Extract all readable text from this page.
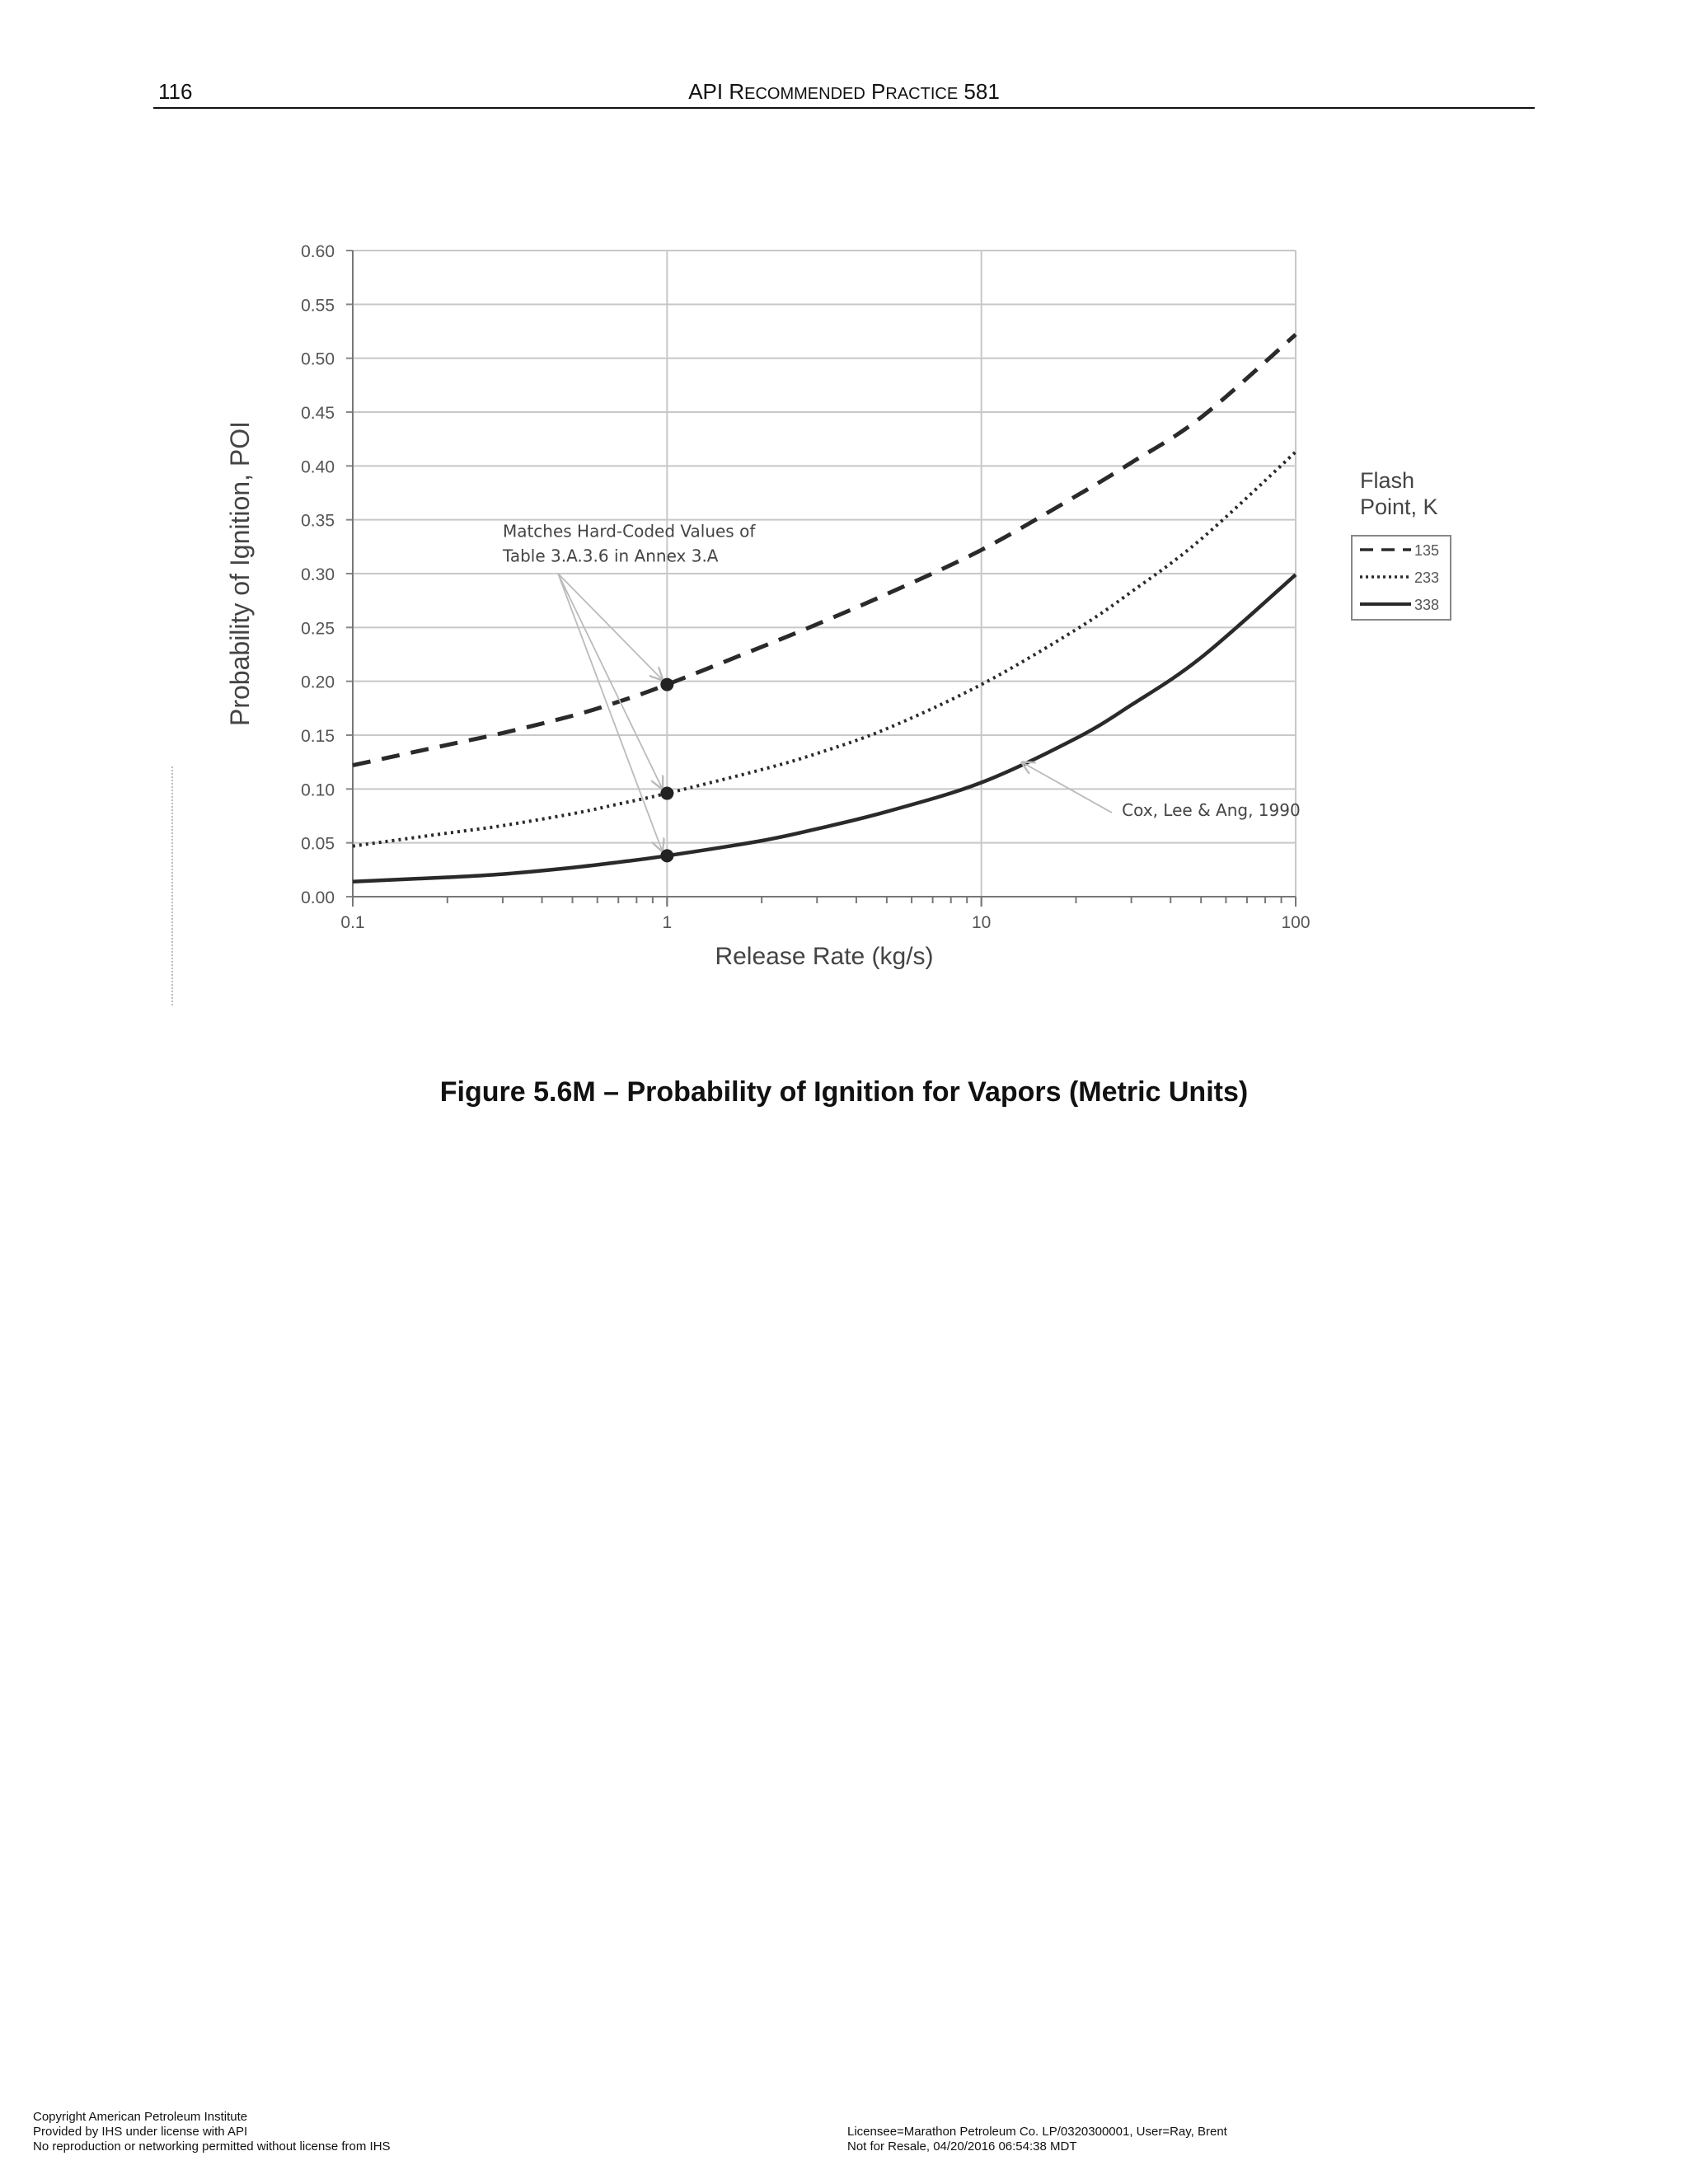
116	API RECOMMENDED PRACTICE 581
0.00
0.05
0.10
0.15
0.20
0.25
0.30
0.35
0.40
0.45
0.50
0.55
0.60
0.1	1	10	100
Release Rate (kg/s)
Probability of Ignition, POI	Matches Hard-Coded Values of
Table 3.A.3.6 in Annex 3.A
Cox, Lee & Ang, 1990
Flash
Point, K
135
233
338
Figure 5.6M – Probability of Ignition for Vapors (Metric Units)
Copyright American Petroleum Institute
Provided by IHS under license with API
No reproduction or networking permitted without license from IHS
Licensee=Marathon Petroleum Co. LP/0320300001, User=Ray, Brent
Not for Resale, 04/20/2016 06:54:38 MDT
